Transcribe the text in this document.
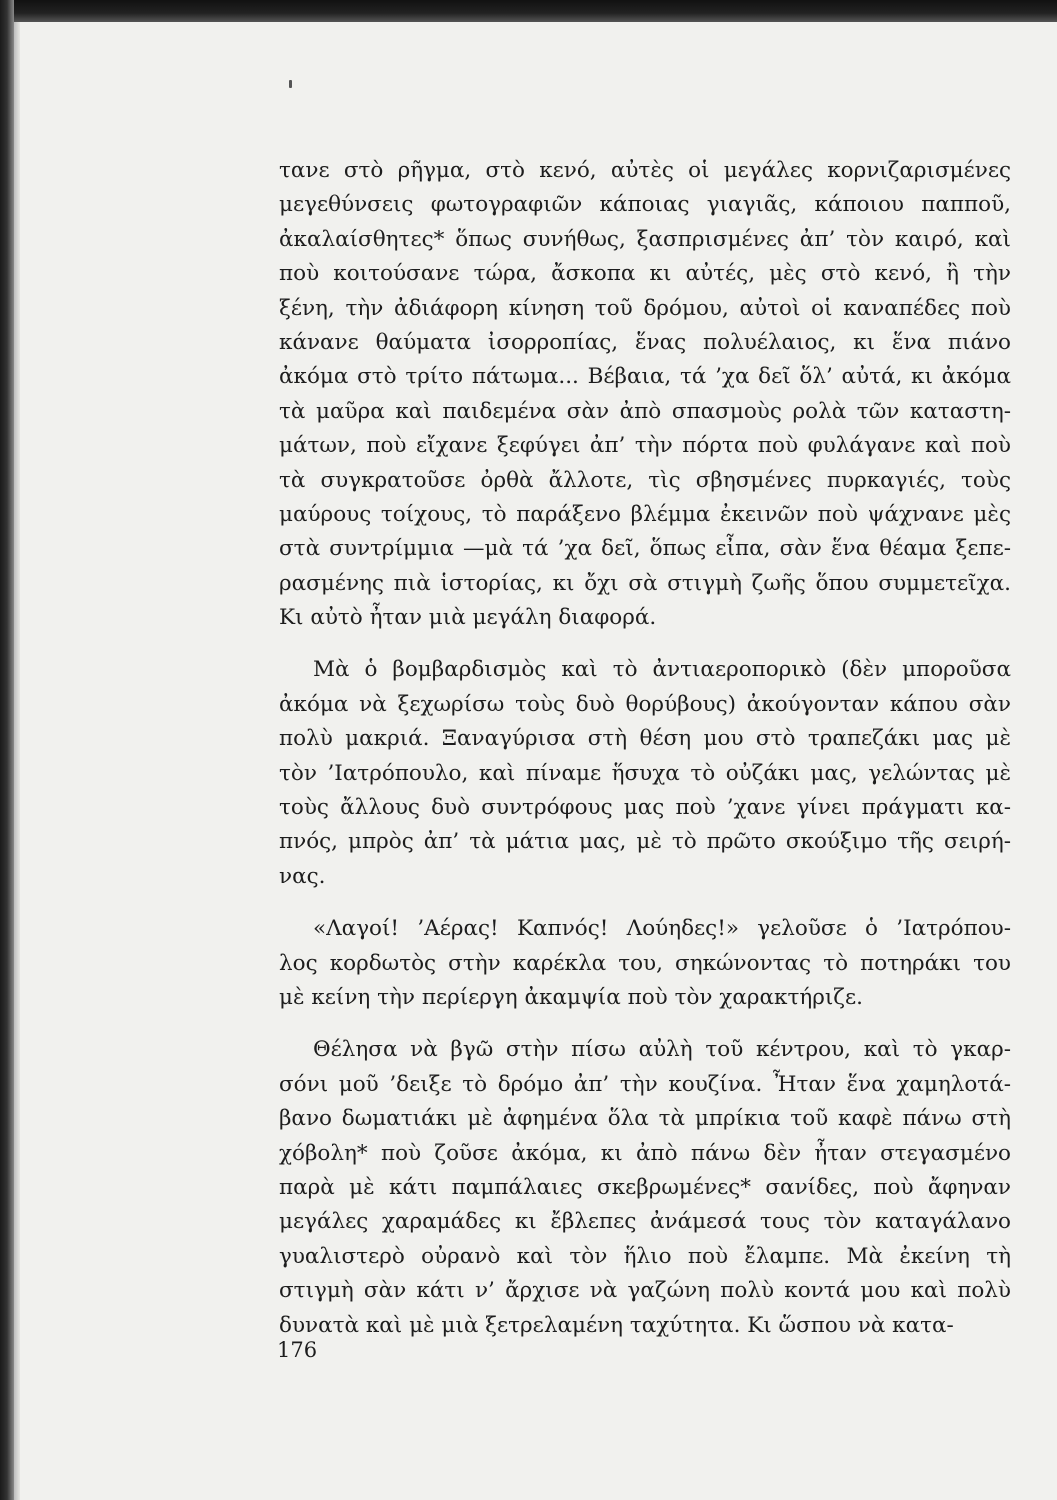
τανε στὸ ρῆγμα, στὸ κενό, αὐτὲς οἱ μεγάλες κορνιζαρισμένες
μεγεθύνσεις φωτογραφιῶν κάποιας γιαγιᾶς, κάποιου παπποῦ,
ἀκαλαίσθητες* ὅπως συνήθως, ξασπρισμένες ἀπ’ τὸν καιρό, καὶ
ποὺ κοιτούσανε τώρα, ἄσκοπα κι αὐτές, μὲς στὸ κενό, ἢ τὴν
ξένη, τὴν ἀδιάφορη κίνηση τοῦ δρόμου, αὐτοὶ οἱ καναπέδες ποὺ
κάνανε θαύματα ἰσορροπίας, ἕνας πολυέλαιος, κι ἕνα πιάνο
ἀκόμα στὸ τρίτο πάτωμα... Βέβαια, τά ’χα δεῖ ὅλ’ αὐτά, κι ἀκόμα
τὰ μαῦρα καὶ παιδεμένα σὰν ἀπὸ σπασμοὺς ρολὰ τῶν καταστη-
μάτων, ποὺ εἴχανε ξεφύγει ἀπ’ τὴν πόρτα ποὺ φυλάγανε καὶ ποὺ
τὰ συγκρατοῦσε ὀρθὰ ἄλλοτε, τὶς σβησμένες πυρκαγιές, τοὺς
μαύρους τοίχους, τὸ παράξενο βλέμμα ἐκεινῶν ποὺ ψάχνανε μὲς
στὰ συντρίμμια —μὰ τά ’χα δεῖ, ὅπως εἶπα, σὰν ἕνα θέαμα ξεπε-
ρασμένης πιὰ ἱστορίας, κι ὄχι σὰ στιγμὴ ζωῆς ὅπου συμμετεῖχα.
Κι αὐτὸ ἦταν μιὰ μεγάλη διαφορά.
Μὰ ὁ βομβαρδισμὸς καὶ τὸ ἀντιαεροπορικὸ (δὲν μποροῦσα
ἀκόμα νὰ ξεχωρίσω τοὺς δυὸ θορύβους) ἀκούγονταν κάπου σὰν
πολὺ μακριά. Ξαναγύρισα στὴ θέση μου στὸ τραπεζάκι μας μὲ
τὸν ’Ιατρόπουλο, καὶ πίναμε ἥσυχα τὸ οὐζάκι μας, γελώντας μὲ
τοὺς ἄλλους δυὸ συντρόφους μας ποὺ ’χανε γίνει πράγματι κα-
πνός, μπρὸς ἀπ’ τὰ μάτια μας, μὲ τὸ πρῶτο σκούξιμο τῆς σειρή-
νας.
«Λαγοί! ’Αέρας! Καπνός! Λούηδες!» γελοῦσε ὁ ’Ιατρόπου-
λος κορδωτὸς στὴν καρέκλα του, σηκώνοντας τὸ ποτηράκι του
μὲ κείνη τὴν περίεργη ἀκαμψία ποὺ τὸν χαρακτήριζε.
Θέλησα νὰ βγῶ στὴν πίσω αὐλὴ τοῦ κέντρου, καὶ τὸ γκαρ-
σόνι μοῦ ’δειξε τὸ δρόμο ἀπ’ τὴν κουζίνα. Ἦταν ἕνα χαμηλοτά-
βανο δωματιάκι μὲ ἀφημένα ὅλα τὰ μπρίκια τοῦ καφὲ πάνω στὴ
χόβολη* ποὺ ζοῦσε ἀκόμα, κι ἀπὸ πάνω δὲν ἦταν στεγασμένο
παρὰ μὲ κάτι παμπάλαιες σκεβρωμένες* σανίδες, ποὺ ἄφηναν
μεγάλες χαραμάδες κι ἔβλεπες ἀνάμεσά τους τὸν καταγάλανο
γυαλιστερὸ οὐρανὸ καὶ τὸν ἥλιο ποὺ ἔλαμπε. Μὰ ἐκείνη τὴ
στιγμὴ σὰν κάτι ν’ ἄρχισε νὰ γαζώνη πολὺ κοντά μου καὶ πολὺ
δυνατὰ καὶ μὲ μιὰ ξετρελαμένη ταχύτητα. Κι ὥσπου νὰ κατα-
176
